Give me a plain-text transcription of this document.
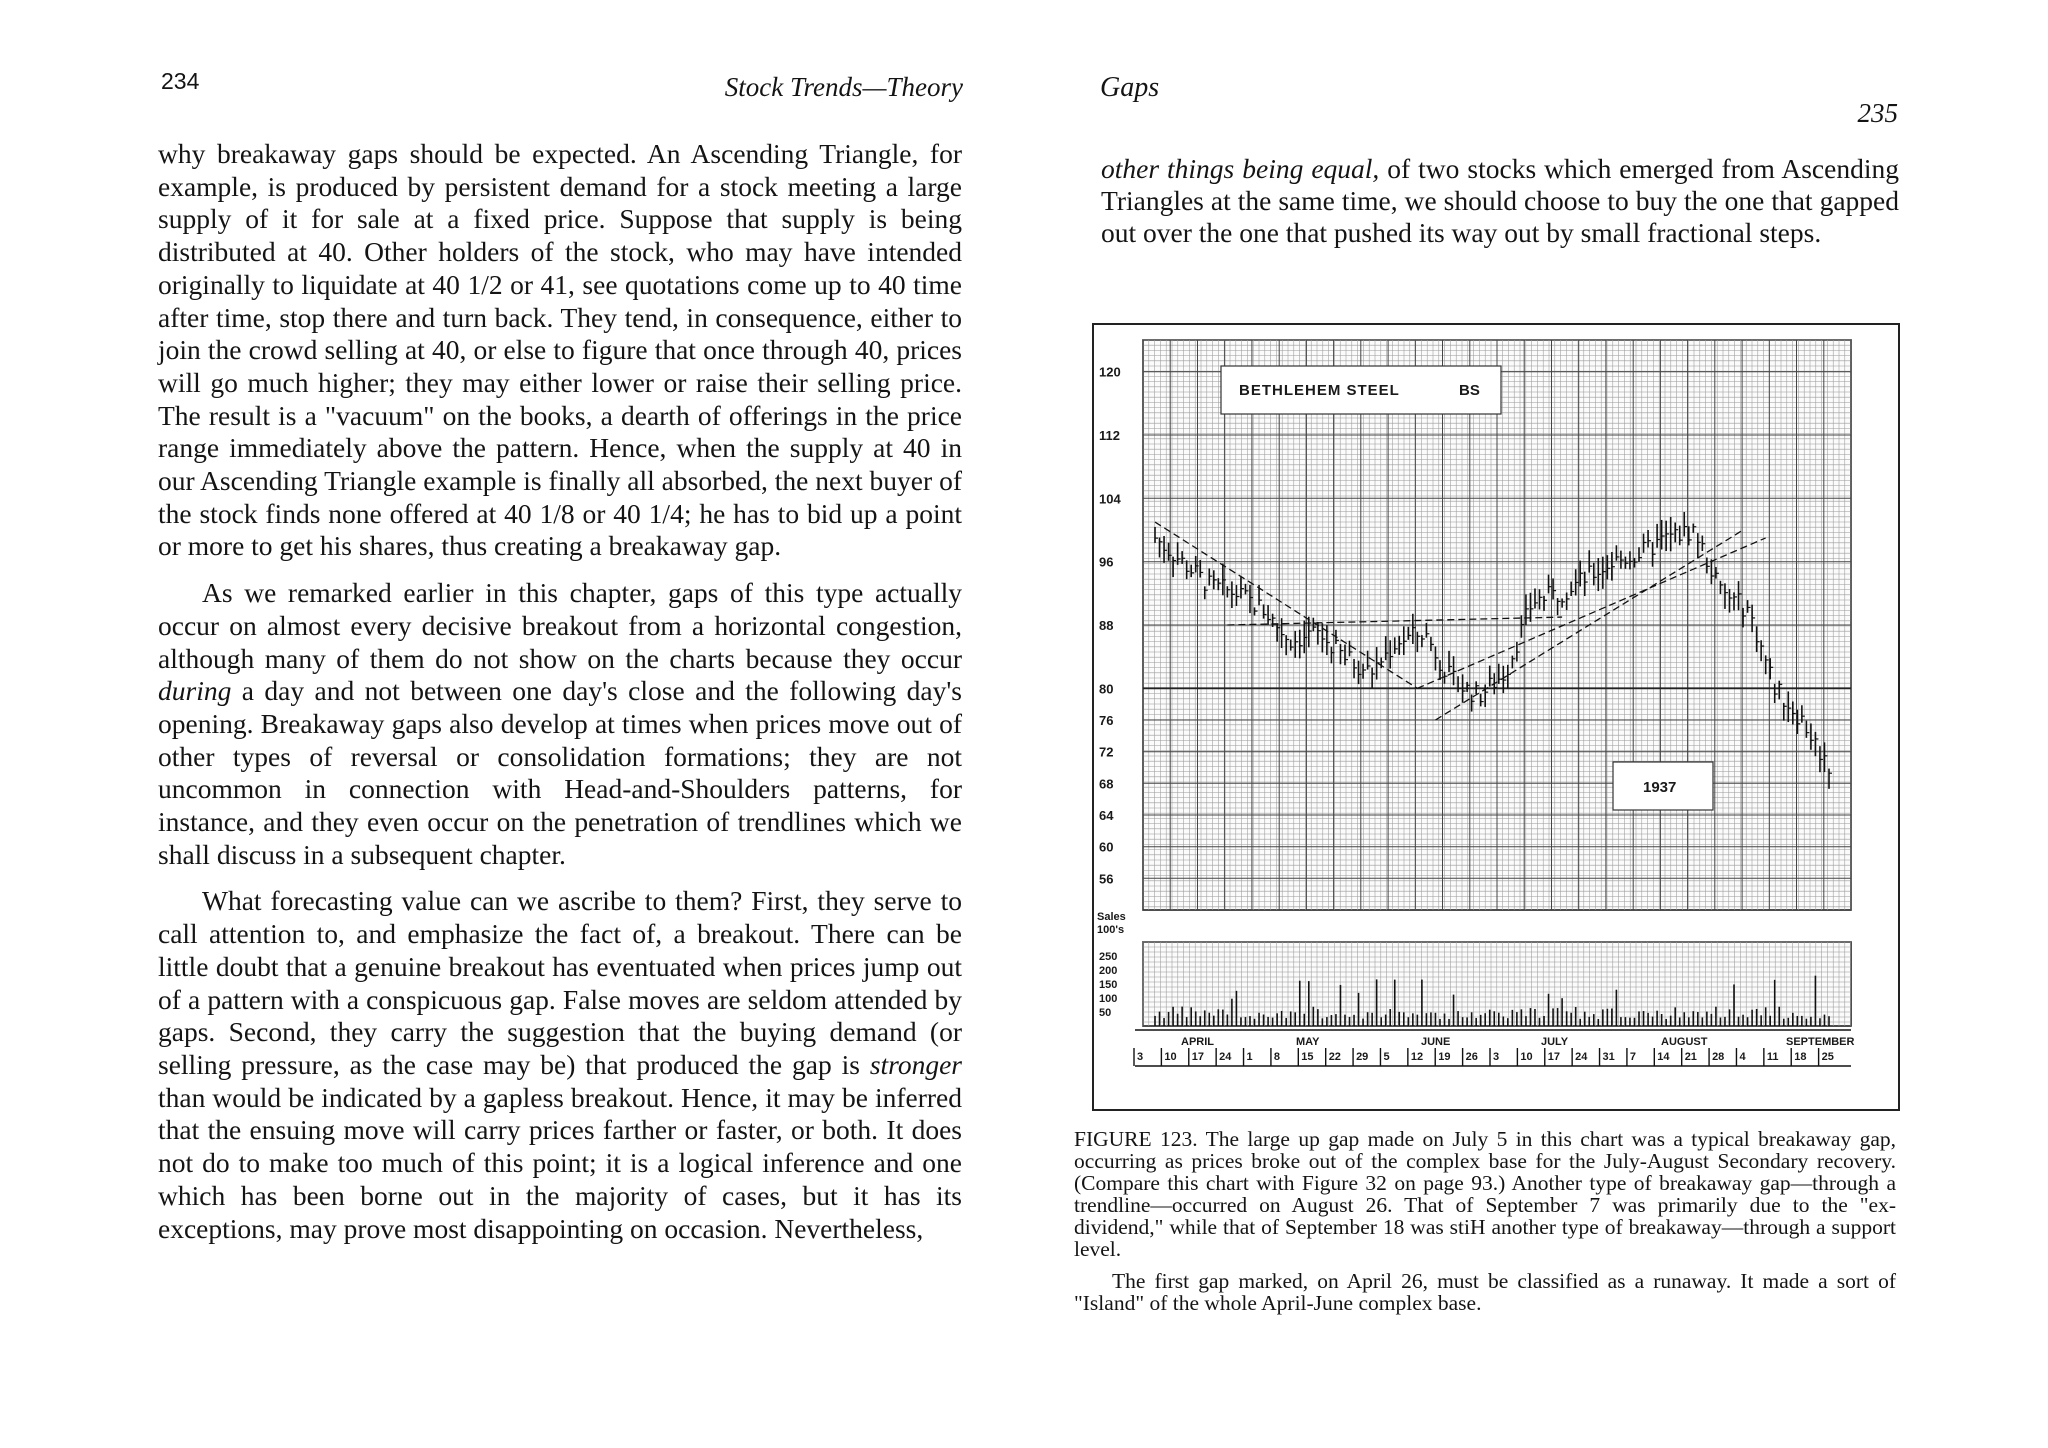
234	Stock Trends—Theory

why breakaway gaps should be expected. An Ascending Triangle, for example, is produced by persistent demand for a stock meeting a large supply of it for sale at a fixed price. Suppose that supply is being distributed at 40. Other holders of the stock, who may have intended originally to liquidate at 40 1/2 or 41, see quotations come up to 40 time after time, stop there and turn back. They tend, in consequence, either to join the crowd selling at 40, or else to figure that once through 40, prices will go much higher; they may either lower or raise their selling price. The result is a "vacuum" on the books, a dearth of offerings in the price range immediately above the pattern. Hence, when the supply at 40 in our Ascending Triangle example is finally all absorbed, the next buyer of the stock finds none offered at 40 1/8 or 40 1/4; he has to bid up a point or more to get his shares, thus creating a breakaway gap.

As we remarked earlier in this chapter, gaps of this type actually occur on almost every decisive breakout from a horizontal congestion, although many of them do not show on the charts because they occur during a day and not between one day's close and the following day's opening. Breakaway gaps also develop at times when prices move out of other types of reversal or consolidation formations; they are not uncommon in connection with Head-and-Shoulders patterns, for instance, and they even occur on the penetration of trendlines which we shall discuss in a subsequent chapter.

What forecasting value can we ascribe to them? First, they serve to call attention to, and emphasize the fact of, a breakout. There can be little doubt that a genuine breakout has eventuated when prices jump out of a pattern with a conspicuous gap. False moves are seldom attended by gaps. Second, they carry the suggestion that the buying demand (or selling pressure, as the case may be) that produced the gap is stronger than would be indicated by a gapless breakout. Hence, it may be inferred that the ensuing move will carry prices farther or faster, or both. It does not do to make too much of this point; it is a logical inference and one which has been borne out in the majority of cases, but it has its exceptions, may prove most disappointing on occasion. Nevertheless,

Gaps
235

other things being equal, of two stocks which emerged from Ascending Triangles at the same time, we should choose to buy the one that gapped out over the one that pushed its way out by small fractional steps.

120
112
104
96
88
80
76
72
68
64
60
56
Sales
100's
250
200
150
100
50
BETHLEHEM STEEL	BS
1937
APRIL	MAY	JUNE	JULY	AUGUST	SEPTEMBER
3 10 17 24 1 8 15 22 29 5 12 19 26 3 10 17 24 31 7 14 21 28 4 11 18 25

FIGURE 123. The large up gap made on July 5 in this chart was a typical breakaway gap, occurring as prices broke out of the complex base for the July-August Secondary recovery. (Compare this chart with Figure 32 on page 93.) Another type of breakaway gap—through a trendline—occurred on August 26. That of September 7 was primarily due to the "ex-dividend," while that of September 18 was stiH another type of breakaway—through a support level.

The first gap marked, on April 26, must be classified as a runaway. It made a sort of "Island" of the whole April-June complex base.
